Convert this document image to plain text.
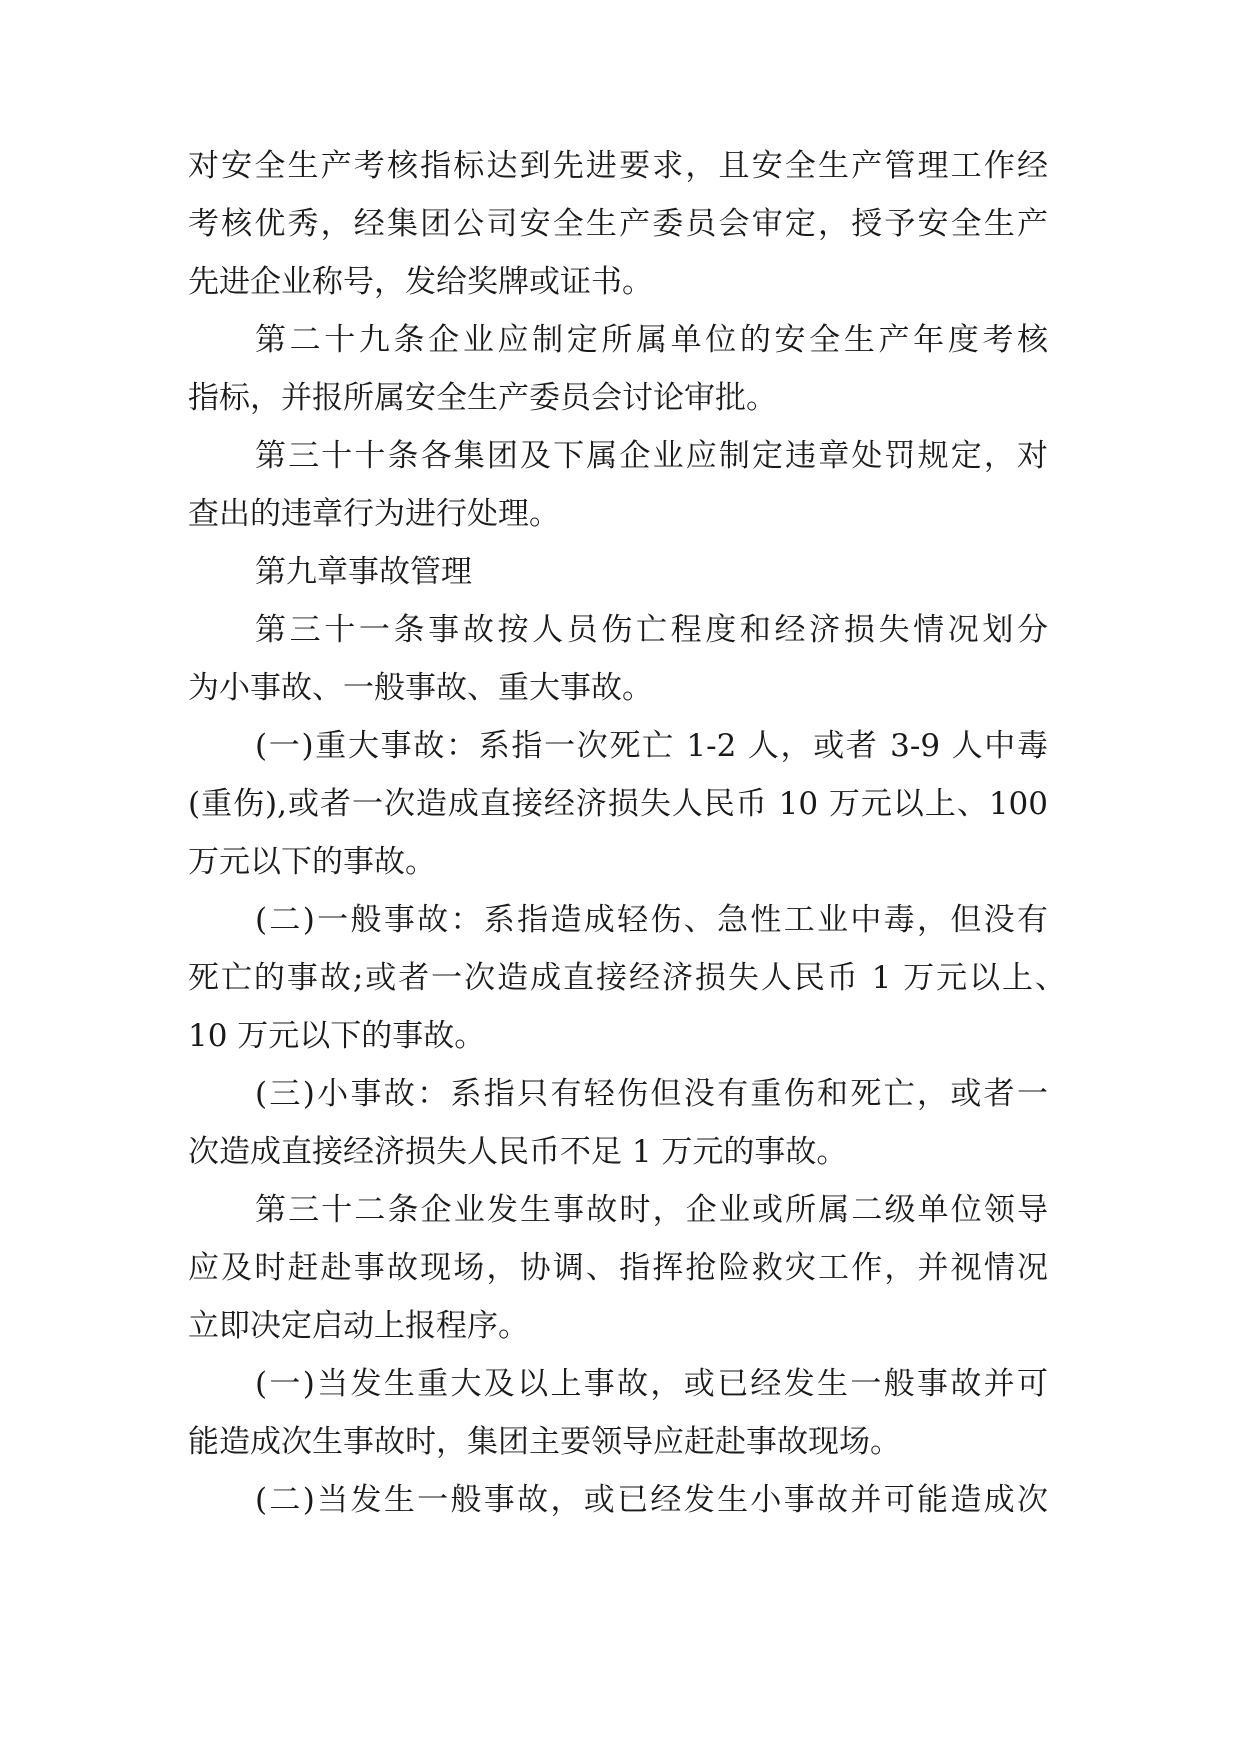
对安全生产考核指标达到先进要求，且安全生产管理工作经
考核优秀，经集团公司安全生产委员会审定，授予安全生产
先进企业称号，发给奖牌或证书。
第二十九条企业应制定所属单位的安全生产年度考核
指标，并报所属安全生产委员会讨论审批。
第三十十条各集团及下属企业应制定违章处罚规定，对
查出的违章行为进行处理。
第九章事故管理
第三十一条事故按人员伤亡程度和经济损失情况划分
为小事故、一般事故、重大事故。
(一)重大事故：系指一次死亡 1-2 人，或者 3-9 人中毒
(重伤),或者一次造成直接经济损失人民币 10 万元以上、100
万元以下的事故。
(二)一般事故：系指造成轻伤、急性工业中毒，但没有
死亡的事故;或者一次造成直接经济损失人民币 1 万元以上、
10 万元以下的事故。
(三)小事故：系指只有轻伤但没有重伤和死亡，或者一
次造成直接经济损失人民币不足 1 万元的事故。
第三十二条企业发生事故时，企业或所属二级单位领导
应及时赶赴事故现场，协调、指挥抢险救灾工作，并视情况
立即决定启动上报程序。
(一)当发生重大及以上事故，或已经发生一般事故并可
能造成次生事故时，集团主要领导应赶赴事故现场。
(二)当发生一般事故，或已经发生小事故并可能造成次
